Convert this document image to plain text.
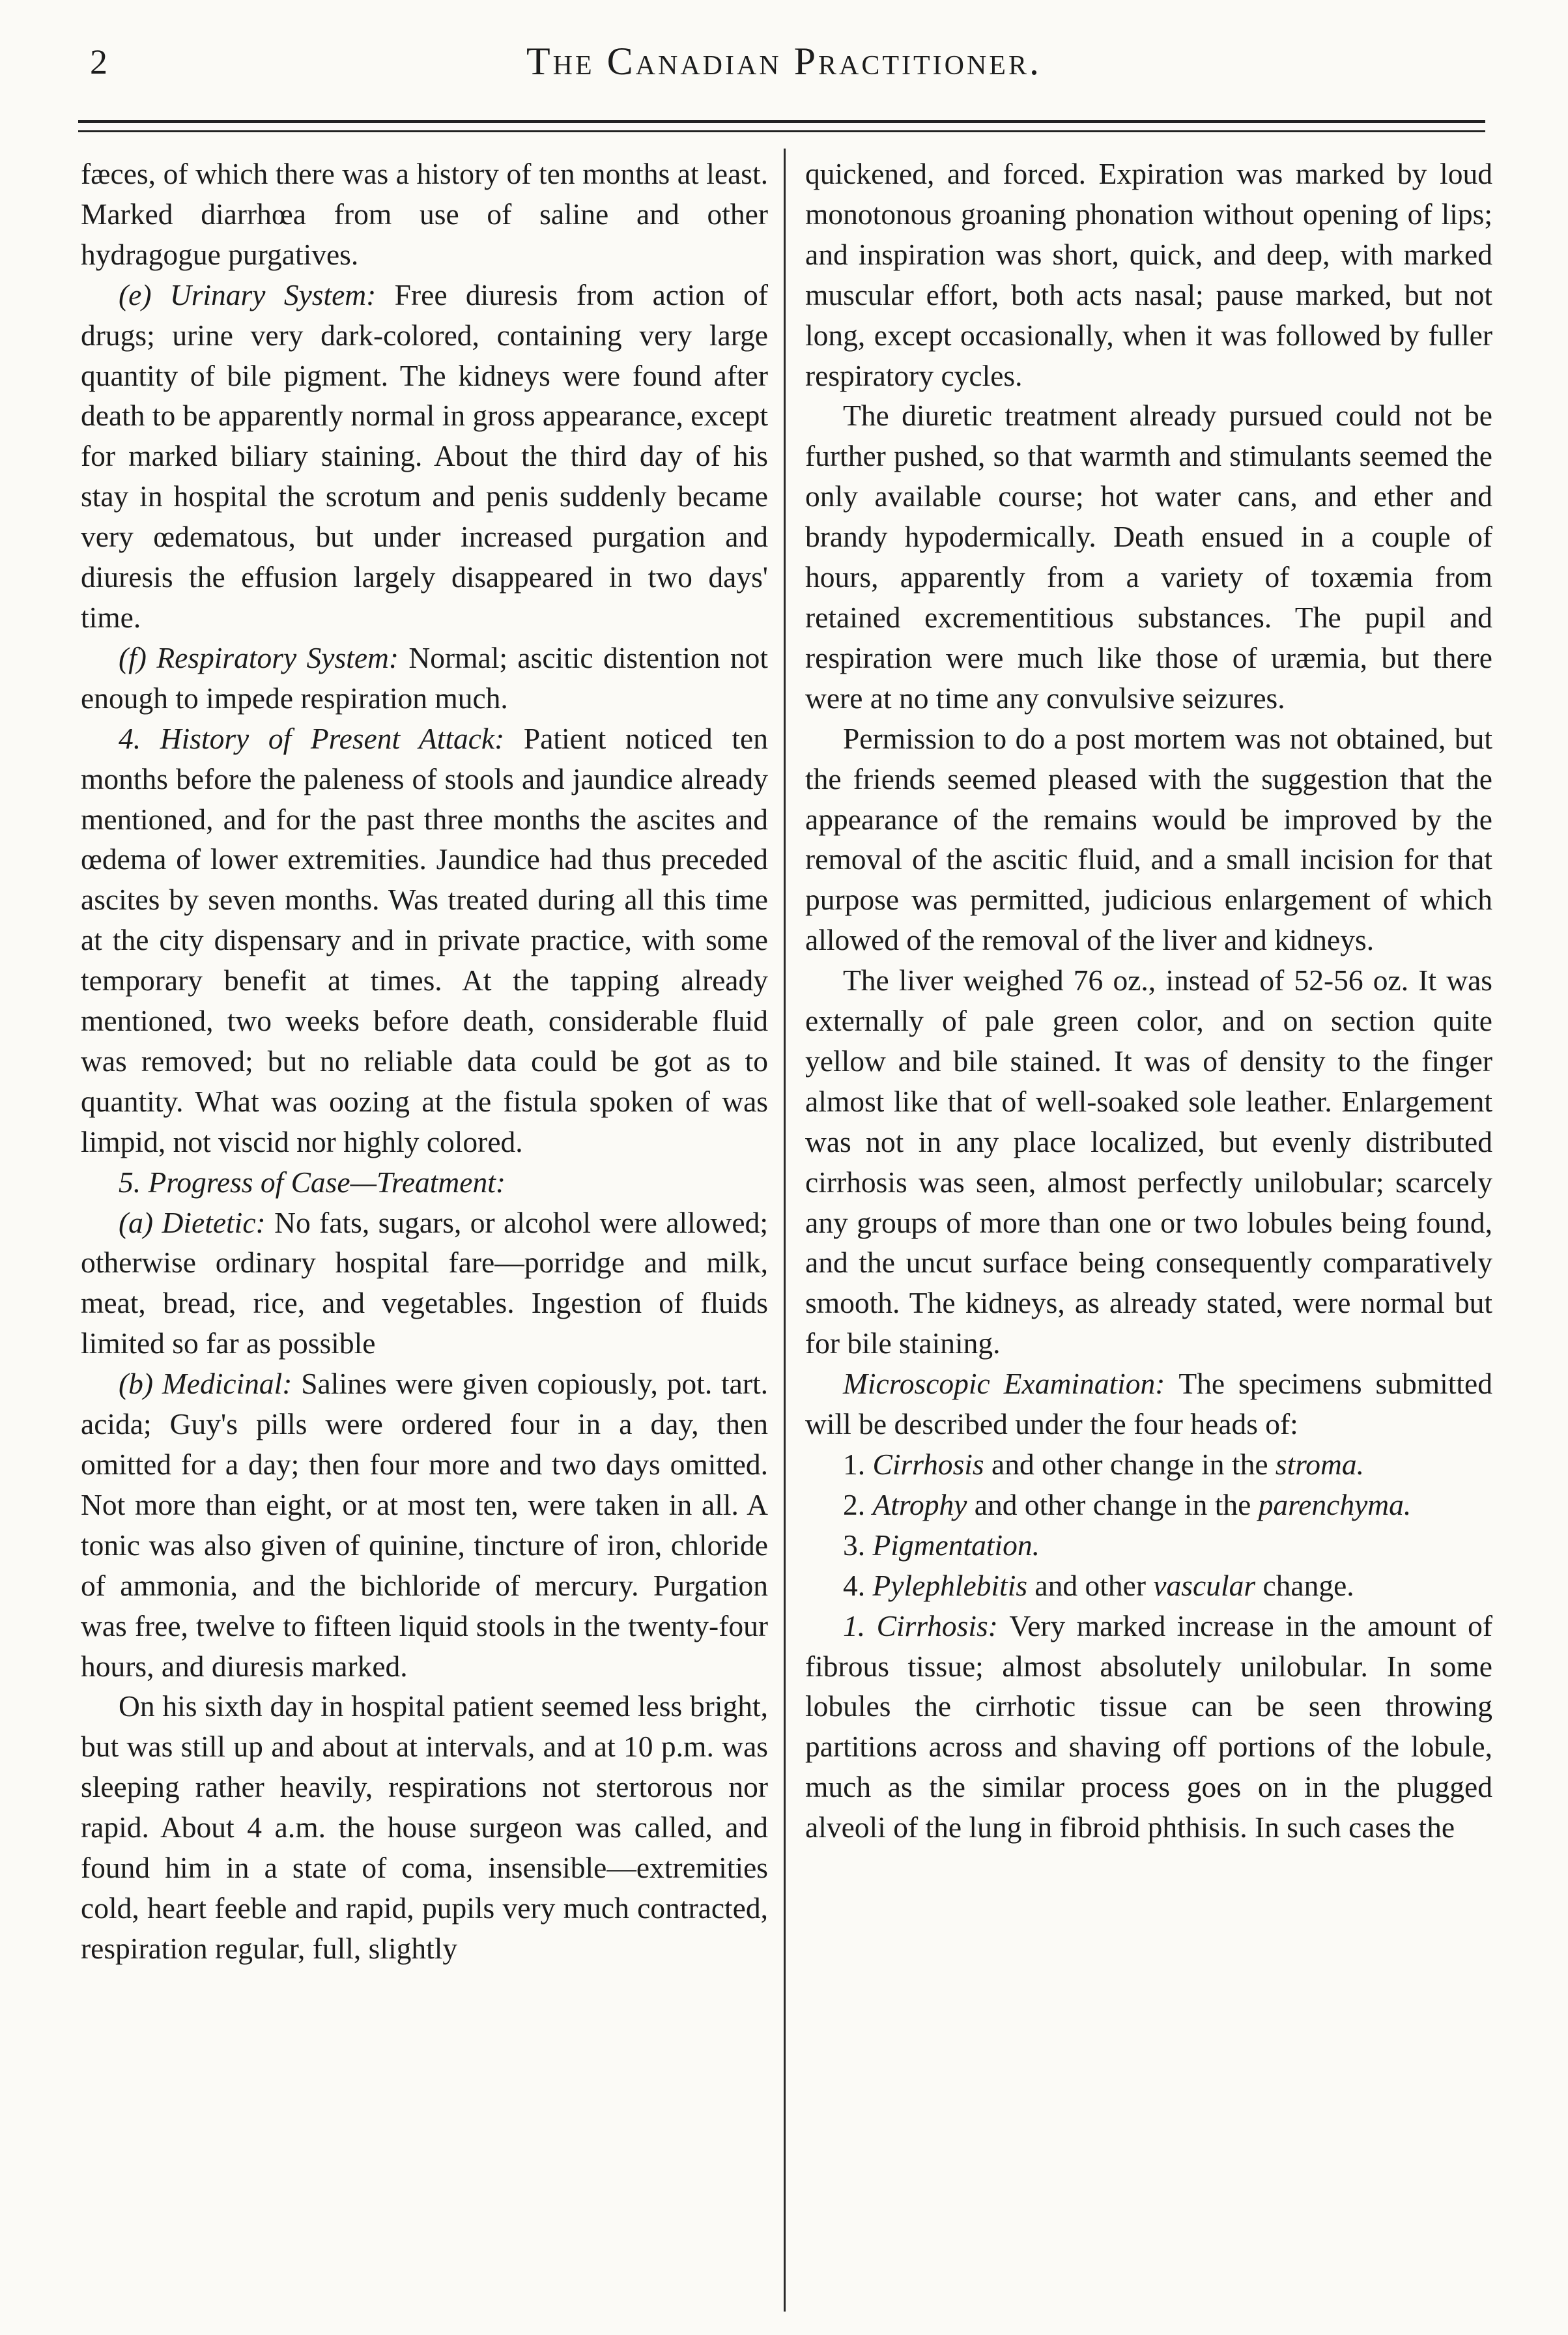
2	The Canadian Practitioner.

fæces, of which there was a history of ten months at least. Marked diarrhœa from use of saline and other hydragogue purgatives.

(e) Urinary System: Free diuresis from action of drugs; urine very dark-colored, containing very large quantity of bile pigment. The kidneys were found after death to be apparently normal in gross appearance, except for marked biliary staining. About the third day of his stay in hospital the scrotum and penis suddenly became very œdematous, but under increased purgation and diuresis the effusion largely disappeared in two days' time.

(f) Respiratory System: Normal; ascitic distention not enough to impede respiration much.

4. History of Present Attack: Patient noticed ten months before the paleness of stools and jaundice already mentioned, and for the past three months the ascites and œdema of lower extremities. Jaundice had thus preceded ascites by seven months. Was treated during all this time at the city dispensary and in private practice, with some temporary benefit at times. At the tapping already mentioned, two weeks before death, considerable fluid was removed; but no reliable data could be got as to quantity. What was oozing at the fistula spoken of was limpid, not viscid nor highly colored.

5. Progress of Case—Treatment:

(a) Dietetic: No fats, sugars, or alcohol were allowed; otherwise ordinary hospital fare—porridge and milk, meat, bread, rice, and vegetables. Ingestion of fluids limited so far as possible

(b) Medicinal: Salines were given copiously, pot. tart. acida; Guy's pills were ordered four in a day, then omitted for a day; then four more and two days omitted. Not more than eight, or at most ten, were taken in all. A tonic was also given of quinine, tincture of iron, chloride of ammonia, and the bichloride of mercury. Purgation was free, twelve to fifteen liquid stools in the twenty-four hours, and diuresis marked.

On his sixth day in hospital patient seemed less bright, but was still up and about at intervals, and at 10 p.m. was sleeping rather heavily, respirations not stertorous nor rapid. About 4 a.m. the house surgeon was called, and found him in a state of coma, insensible—extremities cold, heart feeble and rapid, pupils very much contracted, respiration regular, full, slightly

quickened, and forced. Expiration was marked by loud monotonous groaning phonation without opening of lips; and inspiration was short, quick, and deep, with marked muscular effort, both acts nasal; pause marked, but not long, except occasionally, when it was followed by fuller respiratory cycles.

The diuretic treatment already pursued could not be further pushed, so that warmth and stimulants seemed the only available course; hot water cans, and ether and brandy hypodermically. Death ensued in a couple of hours, apparently from a variety of toxæmia from retained excrementitious substances. The pupil and respiration were much like those of uræmia, but there were at no time any convulsive seizures.

Permission to do a post mortem was not obtained, but the friends seemed pleased with the suggestion that the appearance of the remains would be improved by the removal of the ascitic fluid, and a small incision for that purpose was permitted, judicious enlargement of which allowed of the removal of the liver and kidneys.

The liver weighed 76 oz., instead of 52-56 oz. It was externally of pale green color, and on section quite yellow and bile stained. It was of density to the finger almost like that of well-soaked sole leather. Enlargement was not in any place localized, but evenly distributed cirrhosis was seen, almost perfectly unilobular; scarcely any groups of more than one or two lobules being found, and the uncut surface being consequently comparatively smooth. The kidneys, as already stated, were normal but for bile staining.

Microscopic Examination: The specimens submitted will be described under the four heads of:

1. Cirrhosis and other change in the stroma.

2. Atrophy and other change in the parenchyma.

3. Pigmentation.

4. Pylephlebitis and other vascular change.

1. Cirrhosis: Very marked increase in the amount of fibrous tissue; almost absolutely unilobular. In some lobules the cirrhotic tissue can be seen throwing partitions across and shaving off portions of the lobule, much as the similar process goes on in the plugged alveoli of the lung in fibroid phthisis. In such cases the
